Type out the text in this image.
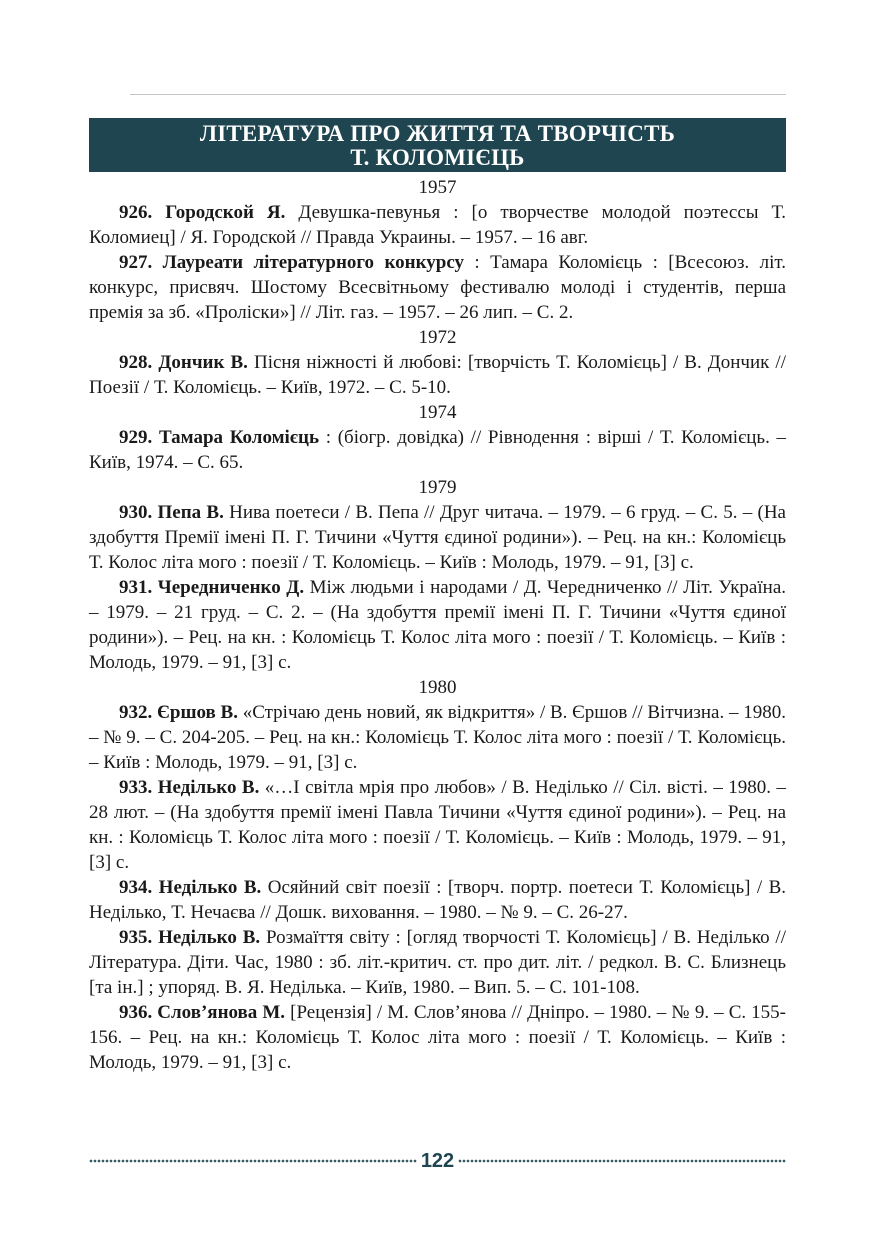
ЛІТЕРАТУРА ПРО ЖИТТЯ ТА ТВОРЧІСТЬ
Т. КОЛОМІЄЦЬ
1957

926. Городской Я. Девушка-певунья : [о творчестве молодой поэтессы Т. Коломиец] / Я. Городской // Правда Украины. – 1957. – 16 авг.

927. Лауреати літературного конкурсу : Тамара Коломієць : [Всесоюз. літ. конкурс, присвяч. Шостому Всесвітньому фестивалю молоді і студентів, перша премія за зб. «Проліски»] // Літ. газ. – 1957. – 26 лип. – С. 2.

1972

928. Дончик В. Пісня ніжності й любові: [творчість Т. Коломієць] / В. Дончик // Поезії / Т. Коломієць. – Київ, 1972. – С. 5-10.

1974

929. Тамара Коломієць : (біогр. довідка) // Рівнодення : вірші / Т. Коломієць. – Київ, 1974. – С. 65.

1979

930. Пепа В. Нива поетеси / В. Пепа // Друг читача. – 1979. – 6 груд. – С. 5. – (На здобуття Премії імені П. Г. Тичини «Чуття єдиної родини»). – Рец. на кн.: Коломієць Т. Колос літа мого : поезії / Т. Коломієць. – Київ : Молодь, 1979. – 91, [3] с.

931. Чередниченко Д. Між людьми і народами / Д. Чередниченко // Літ. Україна. – 1979. – 21 груд. – С. 2. – (На здобуття премії імені П. Г. Тичини «Чуття єдиної родини»). – Рец. на кн. : Коломієць Т. Колос літа мого : поезії / Т. Коломієць. – Київ : Молодь, 1979. – 91, [3] с.

1980

932. Єршов В. «Стрічаю день новий, як відкриття» / В. Єршов // Вітчизна. – 1980. – № 9. – С. 204-205. – Рец. на кн.: Коломієць Т. Колос літа мого : поезії / Т. Коломієць. – Київ : Молодь, 1979. – 91, [3] с.

933. Неділько В. «…І світла мрія про любов» / В. Неділько // Сіл. вісті. – 1980. – 28 лют. – (На здобуття премії імені Павла Тичини «Чуття єдиної родини»). – Рец. на кн. : Коломієць Т. Колос літа мого : поезії / Т. Коломієць. – Київ : Молодь, 1979. – 91, [3] с.

934. Неділько В. Осяйний світ поезії : [творч. портр. поетеси Т. Коломієць] / В. Неділько, Т. Нечаєва // Дошк. виховання. – 1980. – № 9. – С. 26-27.

935. Неділько В. Розмаїття світу : [огляд творчості Т. Коломієць] / В. Неділько // Література. Діти. Час, 1980 : зб. літ.-критич. ст. про дит. літ. / редкол. В. С. Близнець [та ін.] ; упоряд. В. Я. Неділька. – Київ, 1980. – Вип. 5. – С. 101-108.

936. Слов’янова М. [Рецензія] / М. Слов’янова // Дніпро. – 1980. – № 9. – С. 155-156. – Рец. на кн.: Коломієць Т. Колос літа мого : поезії / Т. Коломієць. – Київ : Молодь, 1979. – 91, [3] с.

122
